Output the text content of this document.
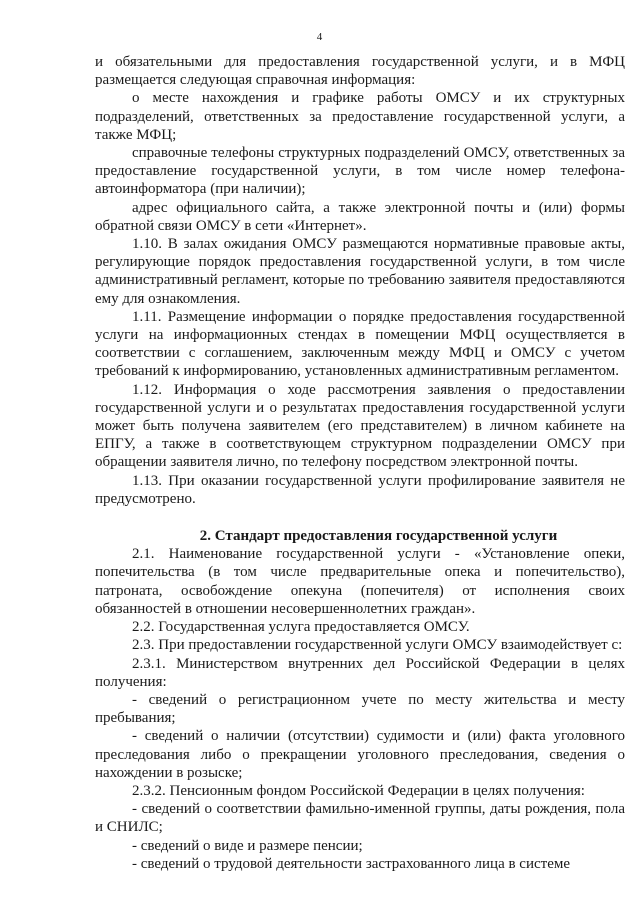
4

и обязательными для предоставления государственной услуги, и в МФЦ размещается следующая справочная информация:

о месте нахождения и графике работы ОМСУ и их структурных подразделений, ответственных за предоставление государственной услуги, а также МФЦ;

справочные телефоны структурных подразделений ОМСУ, ответственных за предоставление государственной услуги, в том числе номер телефона-автоинформатора (при наличии);

адрес официального сайта, а также электронной почты и (или) формы обратной связи ОМСУ в сети «Интернет».

1.10. В залах ожидания ОМСУ размещаются нормативные правовые акты, регулирующие порядок предоставления государственной услуги, в том числе административный регламент, которые по требованию заявителя предоставляются ему для ознакомления.

1.11. Размещение информации о порядке предоставления государственной услуги на информационных стендах в помещении МФЦ осуществляется в соответствии с соглашением, заключенным между МФЦ и ОМСУ с учетом требований к информированию, установленных административным регламентом.

1.12. Информация о ходе рассмотрения заявления о предоставлении государственной услуги и о результатах предоставления государственной услуги может быть получена заявителем (его представителем) в личном кабинете на ЕПГУ, а также в соответствующем структурном подразделении ОМСУ при обращении заявителя лично, по телефону посредством электронной почты.

1.13. При оказании государственной услуги профилирование заявителя не предусмотрено.

2. Стандарт предоставления государственной услуги

2.1. Наименование государственной услуги - «Установление опеки, попечительства (в том числе предварительные опека и попечительство), патроната, освобождение опекуна (попечителя) от исполнения своих обязанностей в отношении несовершеннолетних граждан».

2.2. Государственная услуга предоставляется ОМСУ.

2.3. При предоставлении государственной услуги ОМСУ взаимодействует с:

2.3.1. Министерством внутренних дел Российской Федерации в целях получения:

- сведений о регистрационном учете по месту жительства и месту пребывания;

- сведений о наличии (отсутствии) судимости и (или) факта уголовного преследования либо о прекращении уголовного преследования, сведения о нахождении в розыске;

2.3.2. Пенсионным фондом Российской Федерации в целях получения:

- сведений о соответствии фамильно-именной группы, даты рождения, пола и СНИЛС;

- сведений о виде и размере пенсии;

- сведений о трудовой деятельности застрахованного лица в системе
